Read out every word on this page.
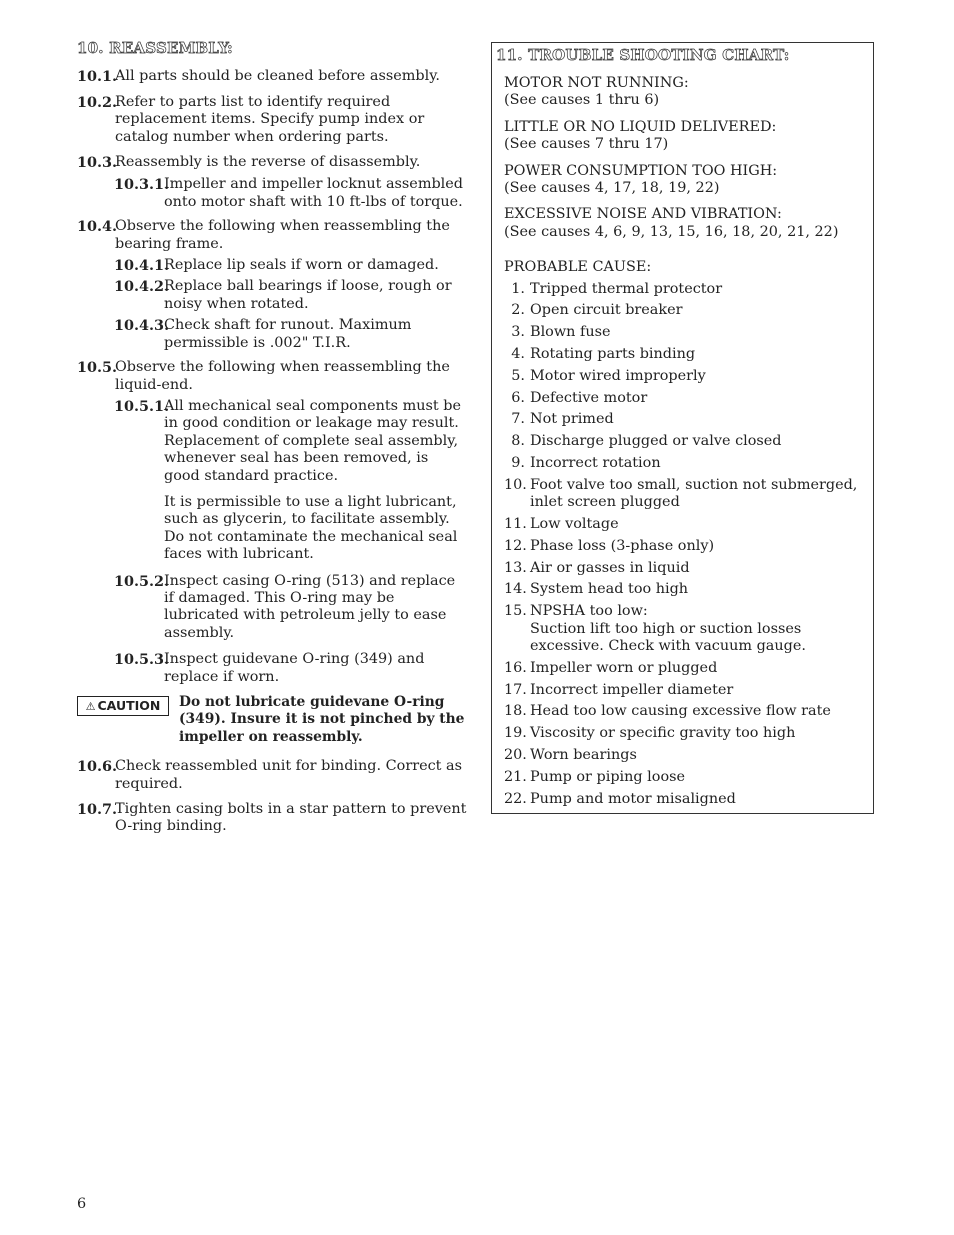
10. REASSEMBLY:
10.1.
All parts should be cleaned before assembly.
10.2.
Refer to parts list to identify required replacement items. Specify pump index or catalog number when ordering parts.
10.3.
Reassembly is the reverse of disassembly.
10.3.1.
Impeller and impeller locknut assembled onto motor shaft with 10 ft-lbs of torque.
10.4.
Observe the following when reassembling the bearing frame.
10.4.1.
Replace lip seals if worn or damaged.
10.4.2.
Replace ball bearings if loose, rough or noisy when rotated.
10.4.3.
Check shaft for runout. Maximum permissible is .002" T.I.R.
10.5.
Observe the following when reassembling the liquid-end.
10.5.1.
All mechanical seal components must be in good condition or leakage may result. Replacement of complete seal assembly, whenever seal has been removed, is good standard practice.
It is permissible to use a light lubricant, such as glycerin, to facilitate assembly. Do not contaminate the mechanical seal faces with lubricant.
10.5.2.
Inspect casing O-ring (513) and replace if damaged. This O-ring may be lubricated with petroleum jelly to ease assembly.
10.5.3.
Inspect guidevane O-ring (349) and replace if worn.
⚠ CAUTION	Do not lubricate guidevane O-ring (349). Insure it is not pinched by the impeller on reassembly.
10.6.
Check reassembled unit for binding. Correct as required.
10.7.
Tighten casing bolts in a star pattern to prevent O-ring binding.
11. TROUBLE SHOOTING CHART:
MOTOR NOT RUNNING:
(See causes 1 thru 6)
LITTLE OR NO LIQUID DELIVERED:
(See causes 7 thru 17)
POWER CONSUMPTION TOO HIGH:
(See causes 4, 17, 18, 19, 22)
EXCESSIVE NOISE AND VIBRATION:
(See causes 4, 6, 9, 13, 15, 16, 18, 20, 21, 22)
PROBABLE CAUSE:
1. Tripped thermal protector
2. Open circuit breaker
3. Blown fuse
4. Rotating parts binding
5. Motor wired improperly
6. Defective motor
7. Not primed
8. Discharge plugged or valve closed
9. Incorrect rotation
10. Foot valve too small, suction not submerged, inlet screen plugged
11. Low voltage
12. Phase loss (3-phase only)
13. Air or gasses in liquid
14. System head too high
15. NPSHA too low:
Suction lift too high or suction losses excessive. Check with vacuum gauge.
16. Impeller worn or plugged
17. Incorrect impeller diameter
18. Head too low causing excessive flow rate
19. Viscosity or specific gravity too high
20. Worn bearings
21. Pump or piping loose
22. Pump and motor misaligned
6
